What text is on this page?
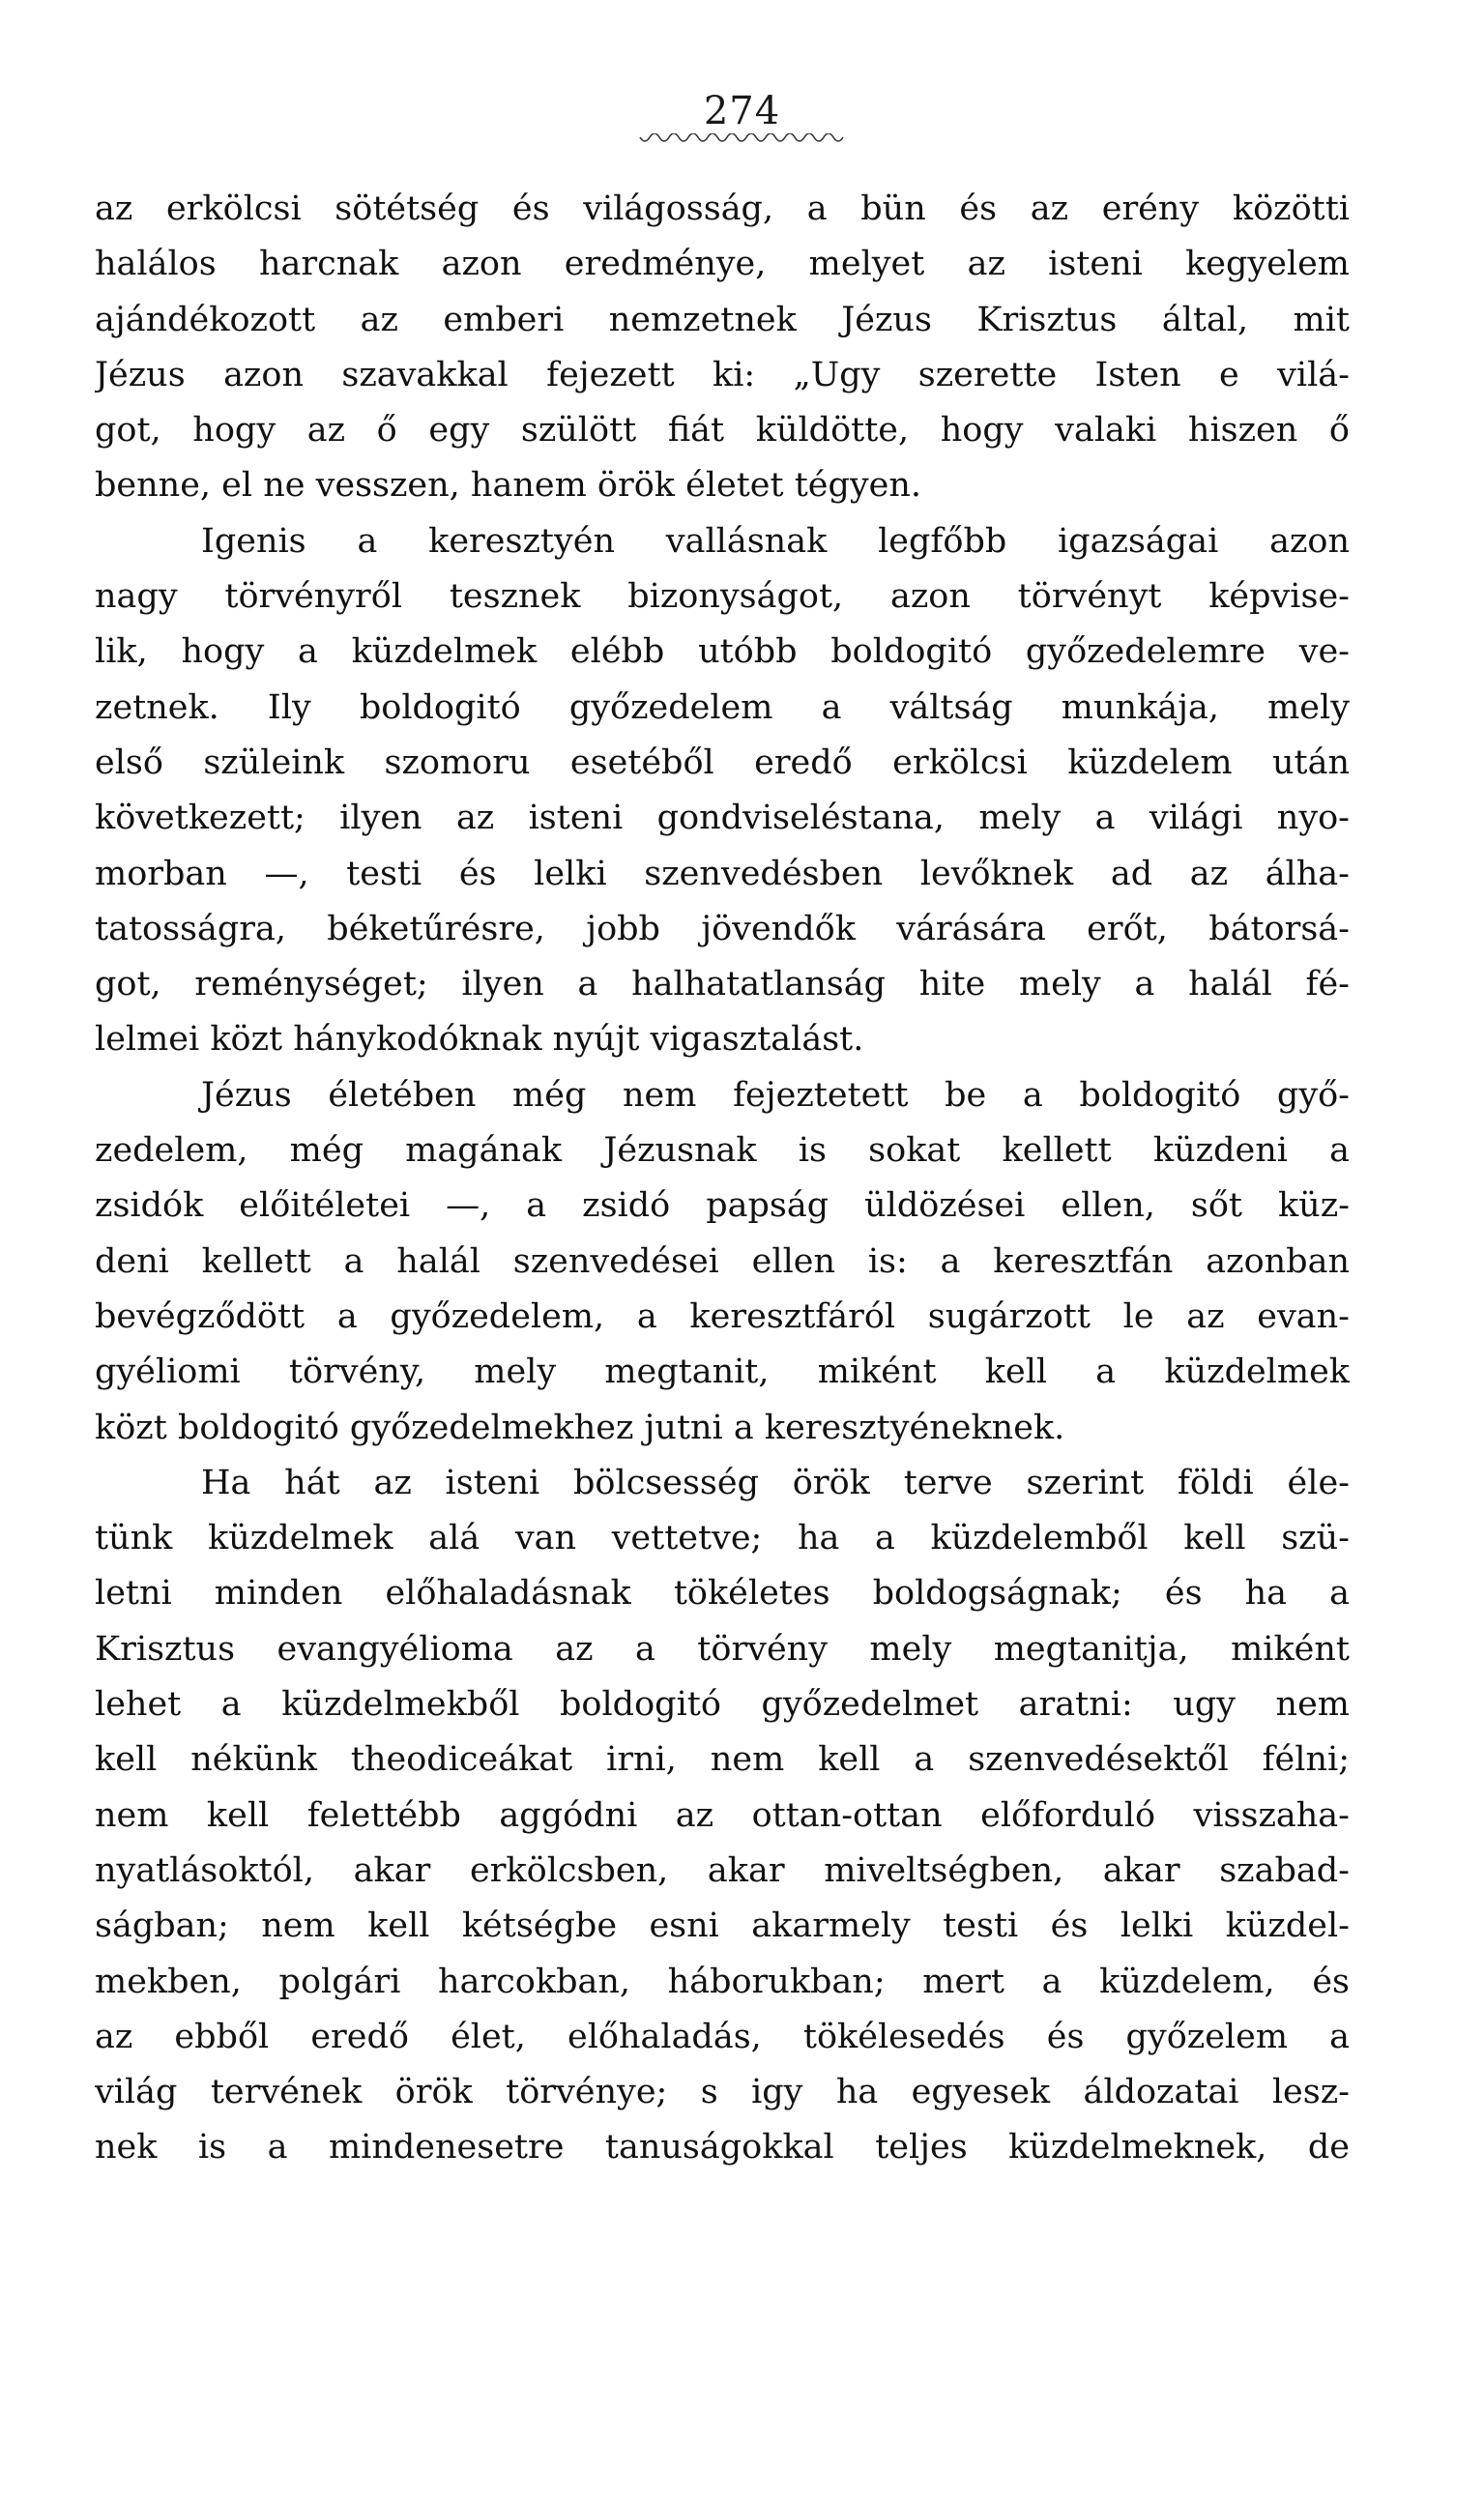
274
az erkölcsi sötétség és világosság, a bün és az erény közötti
halálos harcnak azon eredménye, melyet az isteni kegyelem
ajándékozott az emberi nemzetnek Jézus Krisztus által, mit
Jézus azon szavakkal fejezett ki: „Ugy szerette Isten e vilá-
got, hogy az ő egy szülött fiát küldötte, hogy valaki hiszen ő
benne, el ne vesszen, hanem örök életet tégyen.
Igenis a keresztyén vallásnak legfőbb igazságai azon
nagy törvényről tesznek bizonyságot, azon törvényt képvise-
lik, hogy a küzdelmek elébb utóbb boldogitó győzedelemre ve-
zetnek. Ily boldogitó győzedelem a váltság munkája, mely
első szüleink szomoru esetéből eredő erkölcsi küzdelem után
következett; ilyen az isteni gondviseléstana, mely a világi nyo-
morban —, testi és lelki szenvedésben levőknek ad az álha-
tatosságra, béketűrésre, jobb jövendők várására erőt, bátorsá-
got, reménységet; ilyen a halhatatlanság hite mely a halál fé-
lelmei közt hánykodóknak nyújt vigasztalást.
Jézus életében még nem fejeztetett be a boldogitó győ-
zedelem, még magának Jézusnak is sokat kellett küzdeni a
zsidók előitéletei —, a zsidó papság üldözései ellen, sőt küz-
deni kellett a halál szenvedései ellen is: a keresztfán azonban
bevégződött a győzedelem, a keresztfáról sugárzott le az evan-
gyéliomi törvény, mely megtanit, miként kell a küzdelmek
közt boldogitó győzedelmekhez jutni a keresztyéneknek.
Ha hát az isteni bölcsesség örök terve szerint földi éle-
tünk küzdelmek alá van vettetve; ha a küzdelemből kell szü-
letni minden előhaladásnak tökéletes boldogságnak; és ha a
Krisztus evangyélioma az a törvény mely megtanitja, miként
lehet a küzdelmekből boldogitó győzedelmet aratni: ugy nem
kell nékünk theodiceákat irni, nem kell a szenvedésektől félni;
nem kell felettébb aggódni az ottan-ottan előforduló visszaha-
nyatlásoktól, akar erkölcsben, akar miveltségben, akar szabad-
ságban; nem kell kétségbe esni akarmely testi és lelki küzdel-
mekben, polgári harcokban, háborukban; mert a küzdelem, és
az ebből eredő élet, előhaladás, tökélesedés és győzelem a
világ tervének örök törvénye; s igy ha egyesek áldozatai lesz-
nek is a mindenesetre tanuságokkal teljes küzdelmeknek, de
